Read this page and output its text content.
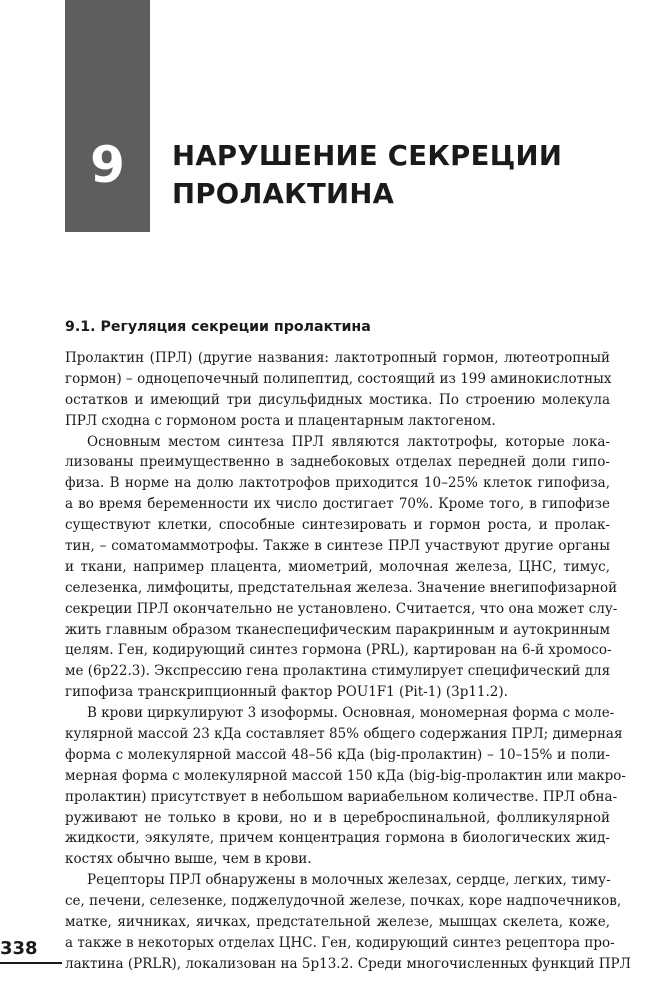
9	НАРУШЕНИЕ СЕКРЕЦИИ
ПРОЛАКТИНА
9.1. Регуляция секреции пролактина
Пролактин (ПРЛ) (другие названия: лактотропный гормон, лютеотропный
гормон) – одноцепочечный полипептид, состоящий из 199 аминокислотных
остатков и имеющий три дисульфидных мостика. По строению молекула
ПРЛ сходна с гормоном роста и плацентарным лактогеном.
Основным местом синтеза ПРЛ являются лактотрофы, которые лока-
лизованы преимущественно в заднебоковых отделах передней доли гипо-
физа. В норме на долю лактотрофов приходится 10–25% клеток гипофиза,
а во время беременности их число достигает 70%. Кроме того, в гипофизе
существуют клетки, способные синтезировать и гормон роста, и пролак-
тин, – соматомаммотрофы. Также в синтезе ПРЛ участвуют другие органы
и ткани, например плацента, миометрий, молочная железа, ЦНС, тимус,
селезенка, лимфоциты, предстательная железа. Значение внегипофизарной
секреции ПРЛ окончательно не установлено. Считается, что она может слу-
жить главным образом тканеспецифическим паракринным и аутокринным
целям. Ген, кодирующий синтез гормона (PRL), картирован на 6-й хромосо-
ме (6p22.3). Экспрессию гена пролактина стимулирует специфический для
гипофиза транскрипционный фактор POU1F1 (Pit-1) (3p11.2).
В крови циркулируют 3 изоформы. Основная, мономерная форма с моле-
кулярной массой 23 кДа составляет 85% общего содержания ПРЛ; димерная
форма с молекулярной массой 48–56 кДа (big-пролактин) – 10–15% и поли-
мерная форма с молекулярной массой 150 кДа (big-big-пролактин или макро-
пролактин) присутствует в небольшом вариабельном количестве. ПРЛ обна-
руживают не только в крови, но и в цереброспинальной, фолликулярной
жидкости, эякуляте, причем концентрация гормона в биологических жид-
костях обычно выше, чем в крови.
Рецепторы ПРЛ обнаружены в молочных железах, сердце, легких, тиму-
се, печени, селезенке, поджелудочной железе, почках, коре надпочечников,
матке, яичниках, яичках, предстательной железе, мышцах скелета, коже,
а также в некоторых отделах ЦНС. Ген, кодирующий синтез рецептора про-
лактина (PRLR), локализован на 5p13.2. Среди многочисленных функций ПРЛ
338
